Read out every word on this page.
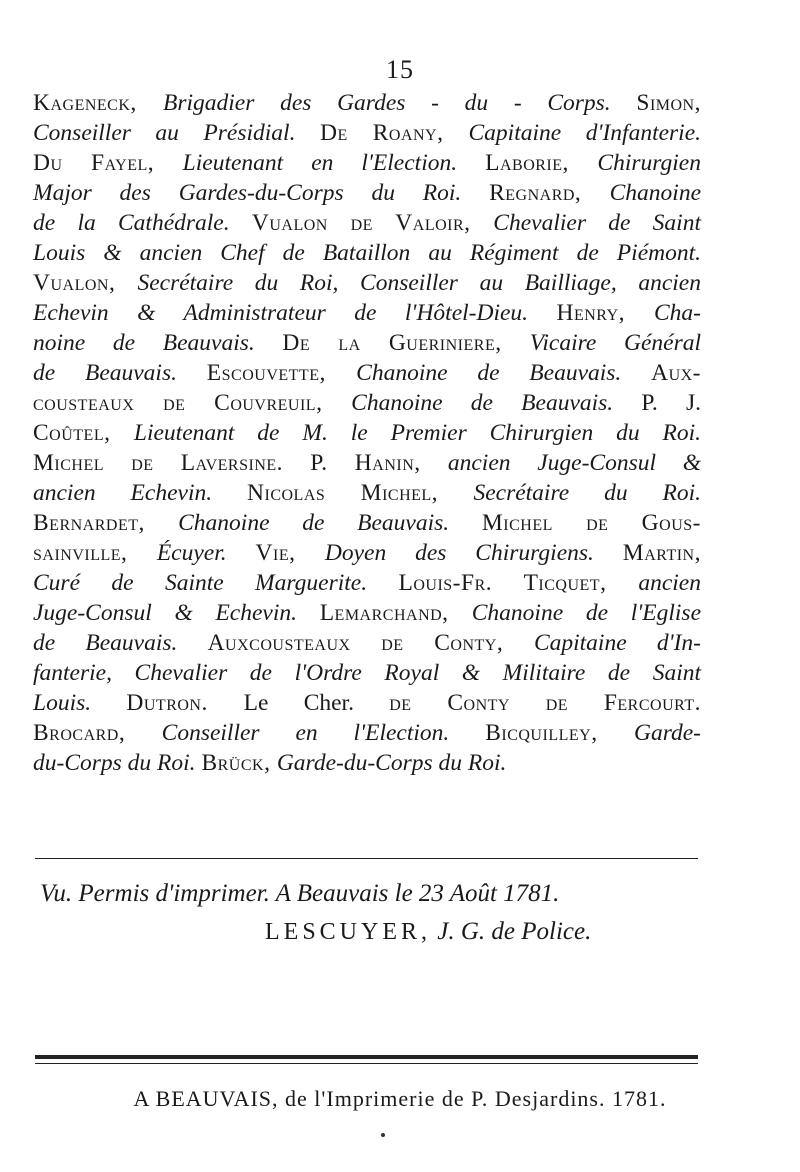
15
Kageneck, Brigadier des Gardes - du - Corps. Simon,
Conseiller au Présidial. De Roany, Capitaine d'Infanterie.
Du Fayel, Lieutenant en l'Election. Laborie, Chirurgien
Major des Gardes-du-Corps du Roi. Regnard, Chanoine
de la Cathédrale. Vualon de Valoir, Chevalier de Saint
Louis & ancien Chef de Bataillon au Régiment de Piémont.
Vualon, Secrétaire du Roi, Conseiller au Bailliage, ancien
Echevin & Administrateur de l'Hôtel-Dieu. Henry, Cha-
noine de Beauvais. De la Gueriniere, Vicaire Général
de Beauvais. Escouvette, Chanoine de Beauvais. Aux-
cousteaux de Couvreuil, Chanoine de Beauvais. P. J.
Coûtel, Lieutenant de M. le Premier Chirurgien du Roi.
Michel de Laversine. P. Hanin, ancien Juge-Consul &
ancien Echevin. Nicolas Michel, Secrétaire du Roi.
Bernardet, Chanoine de Beauvais. Michel de Gous-
sainville, Écuyer. Vie, Doyen des Chirurgiens. Martin,
Curé de Sainte Marguerite. Louis-Fr. Ticquet, ancien
Juge-Consul & Echevin. Lemarchand, Chanoine de l'Eglise
de Beauvais. Auxcousteaux de Conty, Capitaine d'In-
fanterie, Chevalier de l'Ordre Royal & Militaire de Saint
Louis. Dutron. Le Cher. de Conty de Fercourt.
Brocard, Conseiller en l'Election. Bicquilley, Garde-
du-Corps du Roi. Brück, Garde-du-Corps du Roi.
Vu. Permis d'imprimer. A Beauvais le 23 Août 1781.
LESCUYER, J. G. de Police.
A BEAUVAIS, de l'Imprimerie de P. Desjardins. 1781.
